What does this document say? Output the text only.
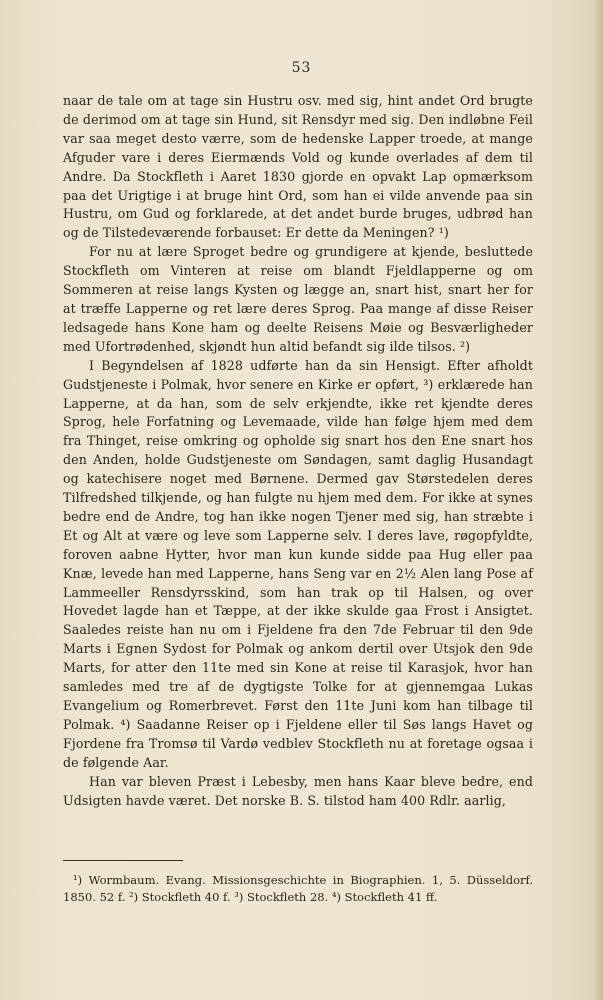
53

naar de tale om at tage sin Hustru osv. med sig, hint andet Ord brugte de derimod om at tage sin Hund, sit Rensdyr med sig. Den indløbne Feil var saa meget desto værre, som de hedenske Lapper troede, at mange Afguder vare i deres Eiermænds Vold og kunde overlades af dem til Andre. Da Stockfleth i Aaret 1830 gjorde en opvakt Lap opmærksom paa det Urigtige i at bruge hint Ord, som han ei vilde anvende paa sin Hustru, om Gud og forklarede, at det andet burde bruges, udbrød han og de Tilstedeværende forbauset: Er dette da Meningen? ¹)

For nu at lære Sproget bedre og grundigere at kjende, besluttede Stockfleth om Vinteren at reise om blandt Fjeldlapperne og om Sommeren at reise langs Kysten og lægge an, snart hist, snart her for at træffe Lapperne og ret lære deres Sprog. Paa mange af disse Reiser ledsagede hans Kone ham og deelte Reisens Møie og Besværligheder med Ufortrødenhed, skjøndt hun altid befandt sig ilde tilsos. ²)

I Begyndelsen af 1828 udførte han da sin Hensigt. Efter afholdt Gudstjeneste i Polmak, hvor senere en Kirke er opført, ³) erklærede han Lapperne, at da han, som de selv erkjendte, ikke ret kjendte deres Sprog, hele Forfatning og Levemaade, vilde han følge hjem med dem fra Thinget, reise omkring og opholde sig snart hos den Ene snart hos den Anden, holde Gudstjeneste om Søndagen, samt daglig Husandagt og katechisere noget med Børnene. Dermed gav Størstedelen deres Tilfredshed tilkjende, og han fulgte nu hjem med dem. For ikke at synes bedre end de Andre, tog han ikke nogen Tjener med sig, han stræbte i Et og Alt at være og leve som Lapperne selv. I deres lave, røgopfyldte, foroven aabne Hytter, hvor man kun kunde sidde paa Hug eller paa Knæ, levede han med Lapperne, hans Seng var en 2½ Alen lang Pose af Lammeeller Rensdyrsskind, som han trak op til Halsen, og over Hovedet lagde han et Tæppe, at der ikke skulde gaa Frost i Ansigtet. Saaledes reiste han nu om i Fjeldene fra den 7de Februar til den 9de Marts i Egnen Sydost for Polmak og ankom dertil over Utsjok den 9de Marts, for atter den 11te med sin Kone at reise til Karasjok, hvor han samledes med tre af de dygtigste Tolke for at gjennemgaa Lukas Evangelium og Romerbrevet. Først den 11te Juni kom han tilbage til Polmak. ⁴) Saadanne Reiser op i Fjeldene eller til Søs langs Havet og Fjordene fra Tromsø til Vardø vedblev Stockfleth nu at foretage ogsaa i de følgende Aar.

Han var bleven Præst i Lebesby, men hans Kaar bleve bedre, end Udsigten havde været. Det norske B. S. tilstod ham 400 Rdlr. aarlig,

¹) Wormbaum. Evang. Missionsgeschichte in Biographien. 1, 5. Düsseldorf. 1850. 52 f. ²) Stockfleth 40 f. ³) Stockfleth 28. ⁴) Stockfleth 41 ff.
